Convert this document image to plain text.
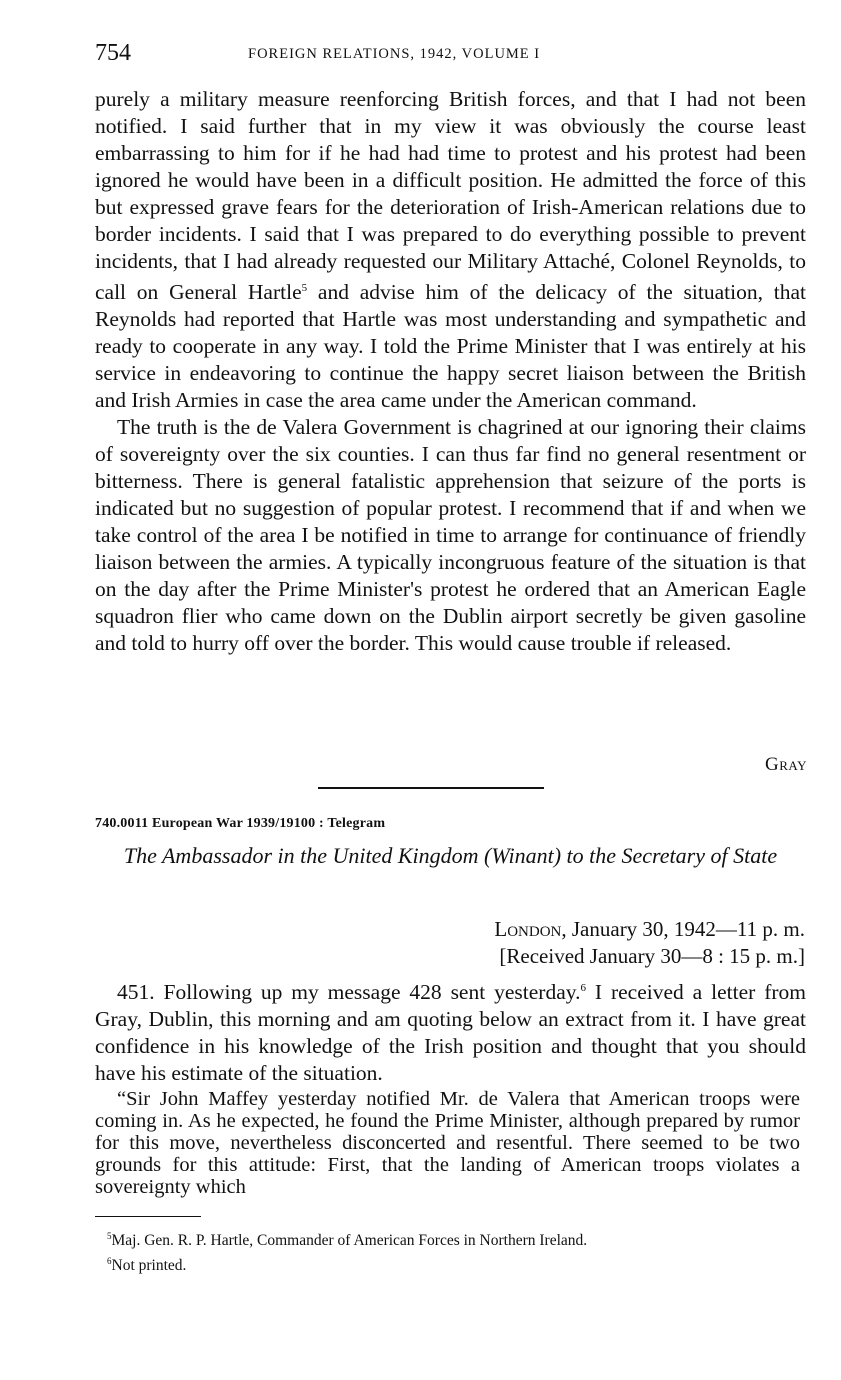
754	FOREIGN RELATIONS, 1942, VOLUME I

purely a military measure reenforcing British forces, and that I had not been notified. I said further that in my view it was obviously the course least embarrassing to him for if he had had time to protest and his protest had been ignored he would have been in a difficult position. He admitted the force of this but expressed grave fears for the deterioration of Irish-American relations due to border incidents. I said that I was prepared to do everything possible to prevent incidents, that I had already requested our Military Attaché, Colonel Reynolds, to call on General Hartle$^5$ and advise him of the delicacy of the situation, that Reynolds had reported that Hartle was most understanding and sympathetic and ready to cooperate in any way. I told the Prime Minister that I was entirely at his service in endeavoring to continue the happy secret liaison between the British and Irish Armies in case the area came under the American command.

The truth is the de Valera Government is chagrined at our ignoring their claims of sovereignty over the six counties. I can thus far find no general resentment or bitterness. There is general fatalistic apprehension that seizure of the ports is indicated but no suggestion of popular protest. I recommend that if and when we take control of the area I be notified in time to arrange for continuance of friendly liaison between the armies. A typically incongruous feature of the situation is that on the day after the Prime Minister's protest he ordered that an American Eagle squadron flier who came down on the Dublin airport secretly be given gasoline and told to hurry off over the border. This would cause trouble if released.

Gray
740.0011 European War 1939/19100 : Telegram
The Ambassador in the United Kingdom (Winant) to the Secretary of State
London, January 30, 1942—11 p. m.
[Received January 30—8 : 15 p. m.]

451. Following up my message 428 sent yesterday.$^6$ I received a letter from Gray, Dublin, this morning and am quoting below an extract from it. I have great confidence in his knowledge of the Irish position and thought that you should have his estimate of the situation.

“Sir John Maffey yesterday notified Mr. de Valera that American troops were coming in. As he expected, he found the Prime Minister, although prepared by rumor for this move, nevertheless disconcerted and resentful. There seemed to be two grounds for this attitude: First, that the landing of American troops violates a sovereignty which

$^5$Maj. Gen. R. P. Hartle, Commander of American Forces in Northern Ireland.
$^6$Not printed.
